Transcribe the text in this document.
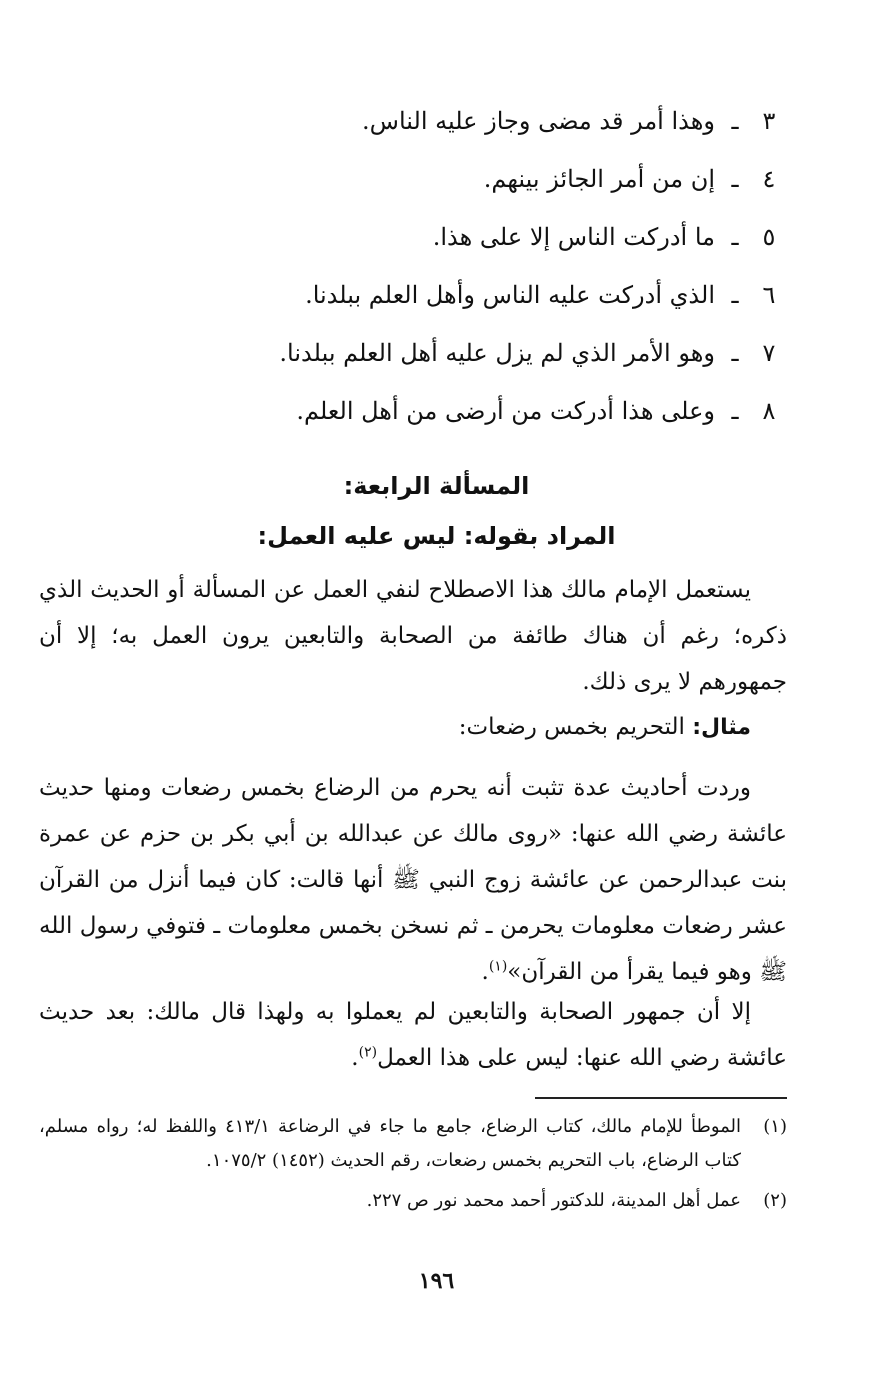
٣
ـ
وهذا أمر قد مضى وجاز عليه الناس.
٤
ـ
إن من أمر الجائز بينهم.
٥
ـ
ما أدركت الناس إلا على هذا.
٦
ـ
الذي أدركت عليه الناس وأهل العلم ببلدنا.
٧
ـ
وهو الأمر الذي لم يزل عليه أهل العلم ببلدنا.
٨
ـ
وعلى هذا أدركت من أرضى من أهل العلم.
المسألة الرابعة:
المراد بقوله: ليس عليه العمل:

يستعمل الإمام مالك هذا الاصطلاح لنفي العمل عن المسألة أو الحديث الذي ذكره؛ رغم أن هناك طائفة من الصحابة والتابعين يرون العمل به؛ إلا أن جمهورهم لا يرى ذلك.

مثال: التحريم بخمس رضعات:

وردت أحاديث عدة تثبت أنه يحرم من الرضاع بخمس رضعات ومنها حديث عائشة رضي الله عنها: «روى مالك عن عبدالله بن أبي بكر بن حزم عن عمرة بنت عبدالرحمن عن عائشة زوج النبي ﷺ أنها قالت: كان فيما أنزل من القرآن عشر رضعات معلومات يحرمن ـ ثم نسخن بخمس معلومات ـ فتوفي رسول الله ﷺ وهو فيما يقرأ من القرآن»$^{(١)}$.

إلا أن جمهور الصحابة والتابعين لم يعملوا به ولهذا قال مالك: بعد حديث عائشة رضي الله عنها: ليس على هذا العمل$^{(٢)}$.

(١)
الموطأ للإمام مالك، كتاب الرضاع، جامع ما جاء في الرضاعة ٤١٣/١ واللفظ له؛ رواه مسلم، كتاب الرضاع، باب التحريم بخمس رضعات، رقم الحديث (١٤٥٢) ١٠٧٥/٢.
(٢)
عمل أهل المدينة، للدكتور أحمد محمد نور ص ٢٢٧.
١٩٦
